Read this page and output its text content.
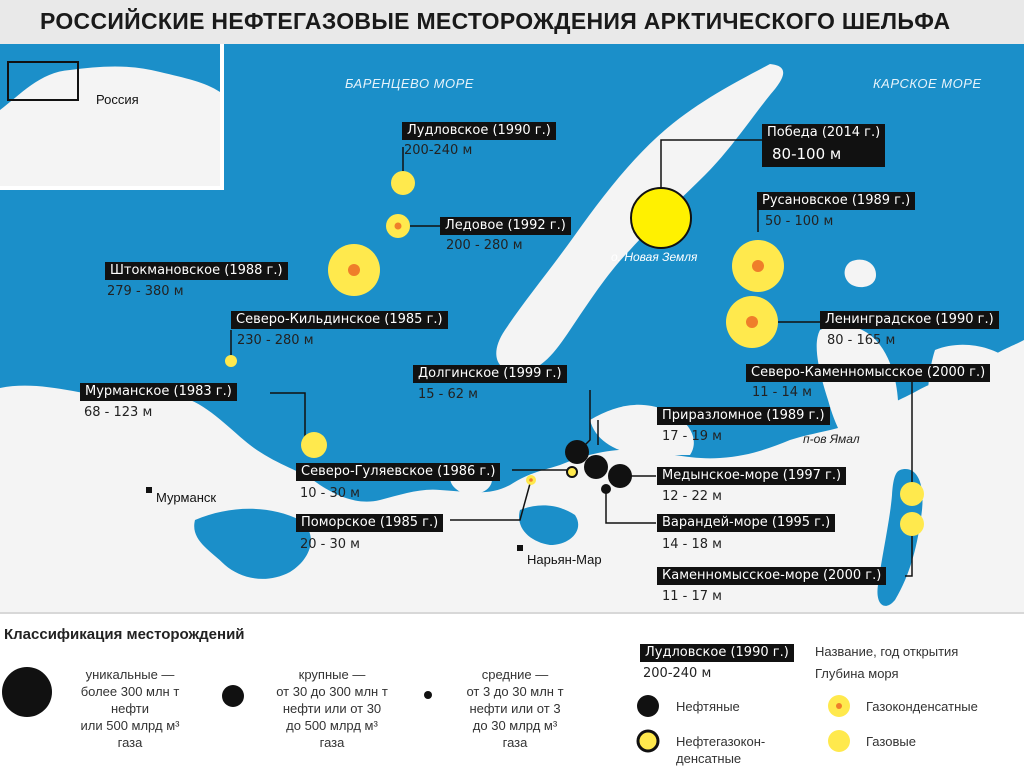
РОССИЙСКИЕ НЕФТЕГАЗОВЫЕ МЕСТОРОЖДЕНИЯ АРКТИЧЕСКОГО ШЕЛЬФА
БАРЕНЦЕВО МОРЕ	КАРСКОЕ МОРЕ
Россия
о. Новая Земля
п-ов Ямал
Мурманск
Нарьян-Мар
Лудловское (1990 г.)
200-240 м
Победа (2014 г.)
80-100 м
Ледовое (1992 г.)
200 - 280 м
Штокмановское (1988 г.)
279 - 380 м
Русановское (1989 г.)
50 - 100 м
Северо-Кильдинское (1985 г.)
230 - 280 м
Ленинградское (1990 г.)
80 - 165 м
Долгинское (1999 г.)
15 - 62 м
Северо-Каменномысское (2000 г.)
11 - 14 м
Мурманское (1983 г.)
68 - 123 м	Приразломное (1989 г.)
17 - 19 м
Северо-Гуляевское (1986 г.)
10 - 30 м
Медынское-море (1997 г.)
12 - 22 м
Поморское (1985 г.)
20 - 30 м
Варандей-море (1995 г.)
14 - 18 м
Каменномысское-море (2000 г.)
11 - 17 м
Классификация месторождений
уникальные —
более 300 млн т
нефти
или 500 млрд м³
газа
крупные —
от 30 до 300 млн т
нефти или от 30
до 500 млрд м³
газа
средние —
от 3 до 30 млн т
нефти или от 3
до 30 млрд м³
газа
Лудловское (1990 г.)
200-240 м
Название, год открытия
Глубина моря
Нефтяные
Нефтегазокон-
денсатные
Газоконденсатные
Газовые
